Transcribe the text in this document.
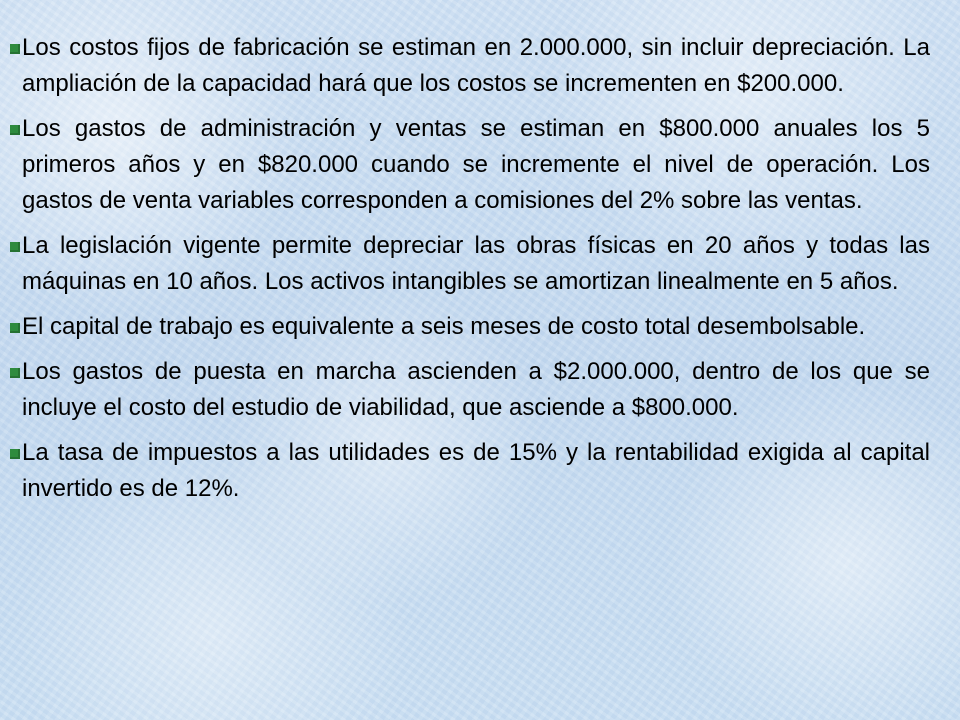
Los costos fijos de fabricación se estiman en 2.000.000, sin incluir depreciación. La ampliación de la capacidad hará que los costos se incrementen en $200.000.
Los gastos de administración y ventas se estiman en $800.000 anuales los 5 primeros años y en $820.000 cuando se incremente el nivel de operación. Los gastos de venta variables corresponden a comisiones del 2% sobre las ventas.
La legislación vigente permite depreciar las obras físicas en 20 años y todas las máquinas en 10 años. Los activos intangibles se amortizan linealmente en 5 años.
El capital de trabajo es equivalente a seis meses de costo total desembolsable.
Los gastos de puesta en marcha ascienden a $2.000.000, dentro de los que se incluye el costo del estudio de viabilidad, que asciende a $800.000.
La tasa de impuestos a las utilidades es de 15% y la rentabilidad exigida al capital invertido es de 12%.
